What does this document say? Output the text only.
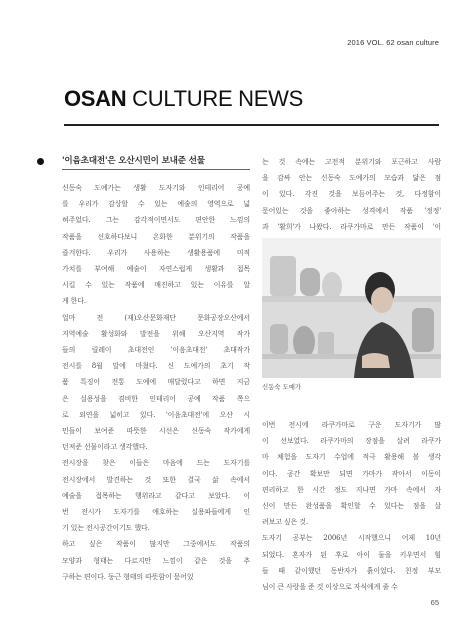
2016 VOL. 62 osan culture
OSAN CULTURE NEWS
'이음초대전'은 오산시민이 보내준 선물

신동숙 도예가는 생활 도자기와 인테리어 공예

를 우리가 감상할 수 있는 예술의 영역으로 넓

혀주었다. 그는 감각적이면서도 편안한 느낌의

작품을 선호하다보니 온화한 분위기의 작품을

즐겨한다. 우리가 사용하는 생활용품에 미적

가치를 부여해 예술이 자연스럽게 생활과 접목

시킬 수 있는 작품에 매진하고 있는 이유를 알

게 한다.

얼마 전 (재)오산문화재단 문화공장오산에서

지역예술 활성화와 발전을 위해 오산지역 작가

들의 릴레이 초대전인 '이음초대전' 초대작가

전시를 8월 말에 마쳤다. 신 도예가의 초기 작

품 특징이 전통 도예에 매달렸다고 하면 지금

은 실용성을 겸비한 인테리어 공예 작품 쪽으

로 외연을 넓히고 있다. '이음초대전'에 오산 시

민들이 보여준 따뜻한 시선은 신동숙 작가에게

던져준 선물이라고 생각했다.

전시장을 찾은 이들은 마음에 드는 도자기를

전시장에서 발견하는 것 또한 결국 삶 속에서

예술을 접목하는 행위라고 같다고 보았다. 이

번 전시가 도자기를 애호하는 실용파들에게 인

기 있는 전시공간이기도 했다.

하고 싶은 작품이 많지만 그중에서도 작품의

모양과 형태는 다르지만 느낌이 같은 것을 추

구하는 편이다. 둥근 형태의 따뜻함이 묻어있

는 것 속에는 고전적 분위기와 포근하고 사람

을 감싸 안는 신동숙 도예가의 모습과 닮은 점

이 있다. 각진 것을 보듬어주는 것, 다정함이

묻어있는 것을 좋아하는 성격에서 작품 '정정'

과 '활희'가 나왔다. 라쿠가마로 만든 작품이 '이

신동숙 도예가

이번 전시에 라쿠가마로 구운 도자기가 많

이 선보였다. 라쿠가마의 장점을 살려 라쿠가

마 체험을 도자기 수업에 적극 활용해 볼 생각

이다. 공간 확보만 되면 가마가 작아서 이동이

편리하고 한 시간 정도 지나면 가마 속에서 자

신이 만든 완성품을 확인할 수 있다는 점을 살

려보고 싶은 것.

도자기 공부는 2006년 시작했으니 어제 10년

되었다. 혼자가 된 후로 아이 둘을 키우면서 힘

들 때 같이했던 동반자가 흙이었다. 친정 부모

님이 큰 사랑을 준 것 이상으로 자식에게 줄 수

65
